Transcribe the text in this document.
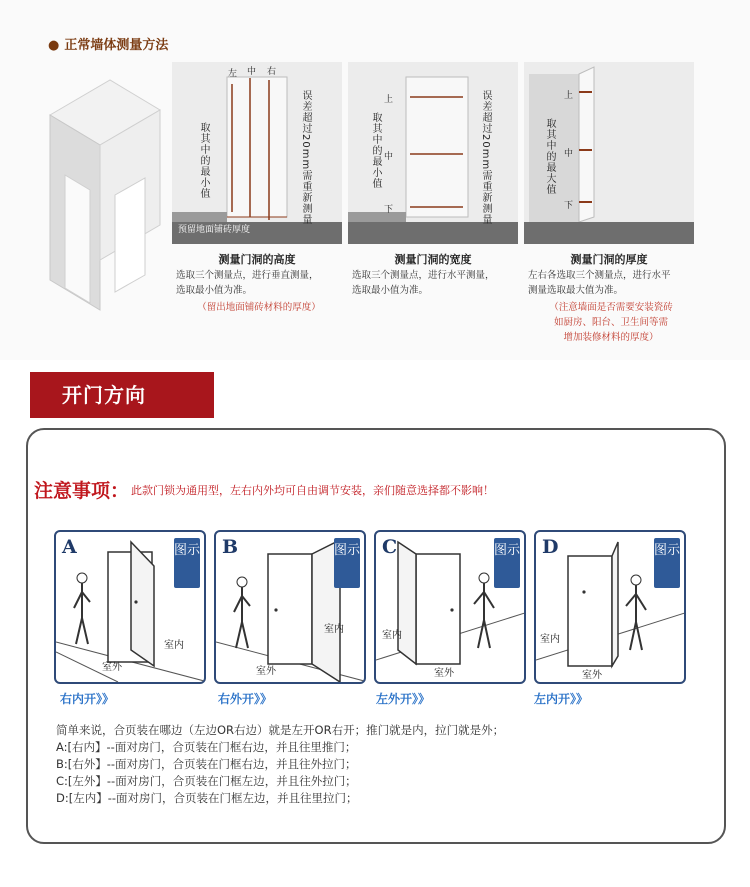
● 正常墙体测量方法
左 中 右
取其中的最小值	误差超过20mm需重新测量
预留地面铺砖厚度
测量门洞的高度
选取三个测量点，进行垂直测量，
选取最小值为准。
（留出地面铺砖材料的厚度）
上
中
下
取其中的最小值	误差超过20mm需重新测量
测量门洞的宽度
选取三个测量点，进行水平测量，
选取最小值为准。
上
中
下
取其中的最大值
测量门洞的厚度
左右各选取三个测量点，进行水平
测量选取最大值为准。
（注意墙面是否需要安装瓷砖
如厨房、阳台、卫生间等需
增加装修材料的厚度）
开门方向
注意事项： 此款门锁为通用型，左右内外均可自由调节安装，亲们随意选择都不影响！
A	图示
室内
室外
B	图示
室内
室外
C	图示
室内
室外
D	图示
室内
室外
右内开》》	右外开》》	左外开》》	左内开》》
简单来说，合页装在哪边（左边OR右边）就是左开OR右开；推门就是内，拉门就是外；
A:[右内】--面对房门，合页装在门框右边，并且往里推门；
B:[右外】--面对房门，合页装在门框右边，并且往外拉门；
C:[左外】--面对房门，合页装在门框左边，并且往外拉门；
D:[左内】--面对房门，合页装在门框左边，并且往里拉门；
